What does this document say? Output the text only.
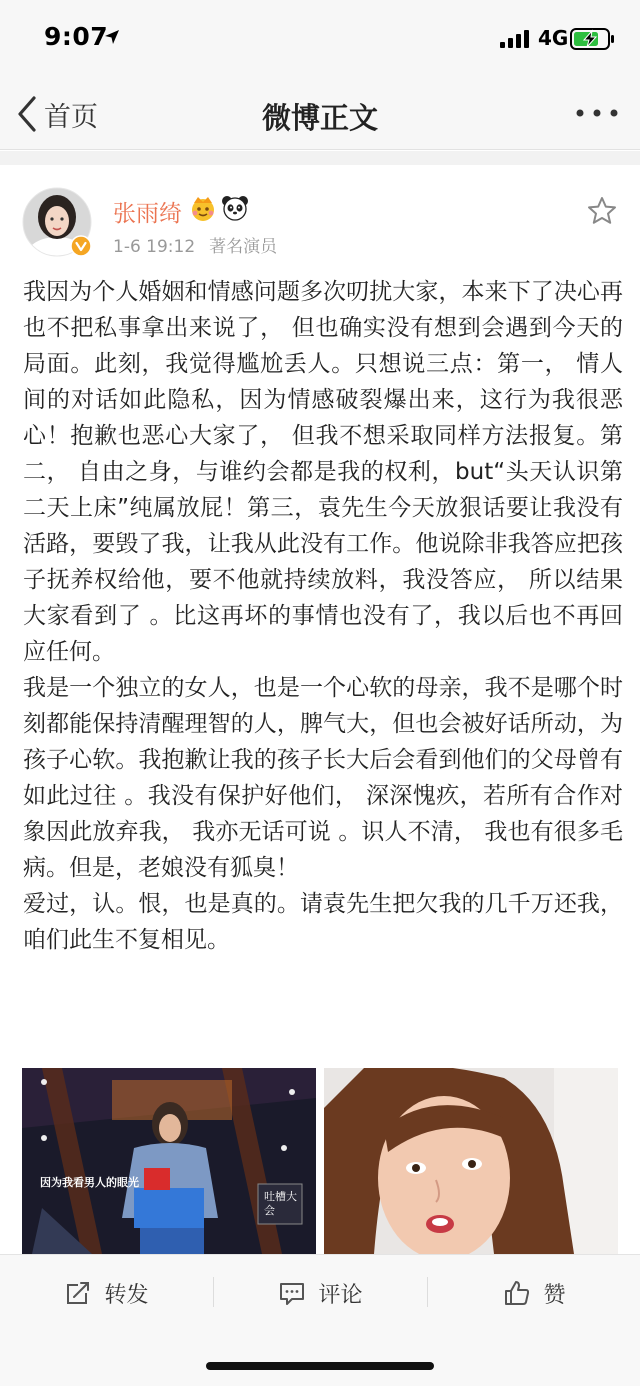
9:07	4G
首页	微博正文
张雨绮
1-6 19:12 著名演员

我因为个人婚姻和情感问题多次叨扰大家，本来下了决心再也不把私事拿出来说了， 但也确实没有想到会遇到今天的局面。此刻，我觉得尴尬丢人。只想说三点：第一， 情人间的对话如此隐私，因为情感破裂爆出来，这行为我很恶心！抱歉也恶心大家了， 但我不想采取同样方法报复。第二， 自由之身，与谁约会都是我的权利，but“头天认识第二天上床”纯属放屁！第三，袁先生今天放狠话要让我没有活路，要毁了我，让我从此没有工作。他说除非我答应把孩子抚养权给他，要不他就持续放料，我没答应， 所以结果大家看到了 。比这再坏的事情也没有了，我以后也不再回应任何。

我是一个独立的女人，也是一个心软的母亲，我不是哪个时刻都能保持清醒理智的人，脾气大，但也会被好话所动，为孩子心软。我抱歉让我的孩子长大后会看到他们的父母曾有如此过往 。我没有保护好他们， 深深愧疚，若所有合作对象因此放弃我， 我亦无话可说 。识人不清， 我也有很多毛病。但是，老娘没有狐臭！

爱过，认。恨，也是真的。请袁先生把欠我的几千万还我，咱们此生不复相见。

因为我看男人的眼光
吐槽大会
转发	评论	赞
